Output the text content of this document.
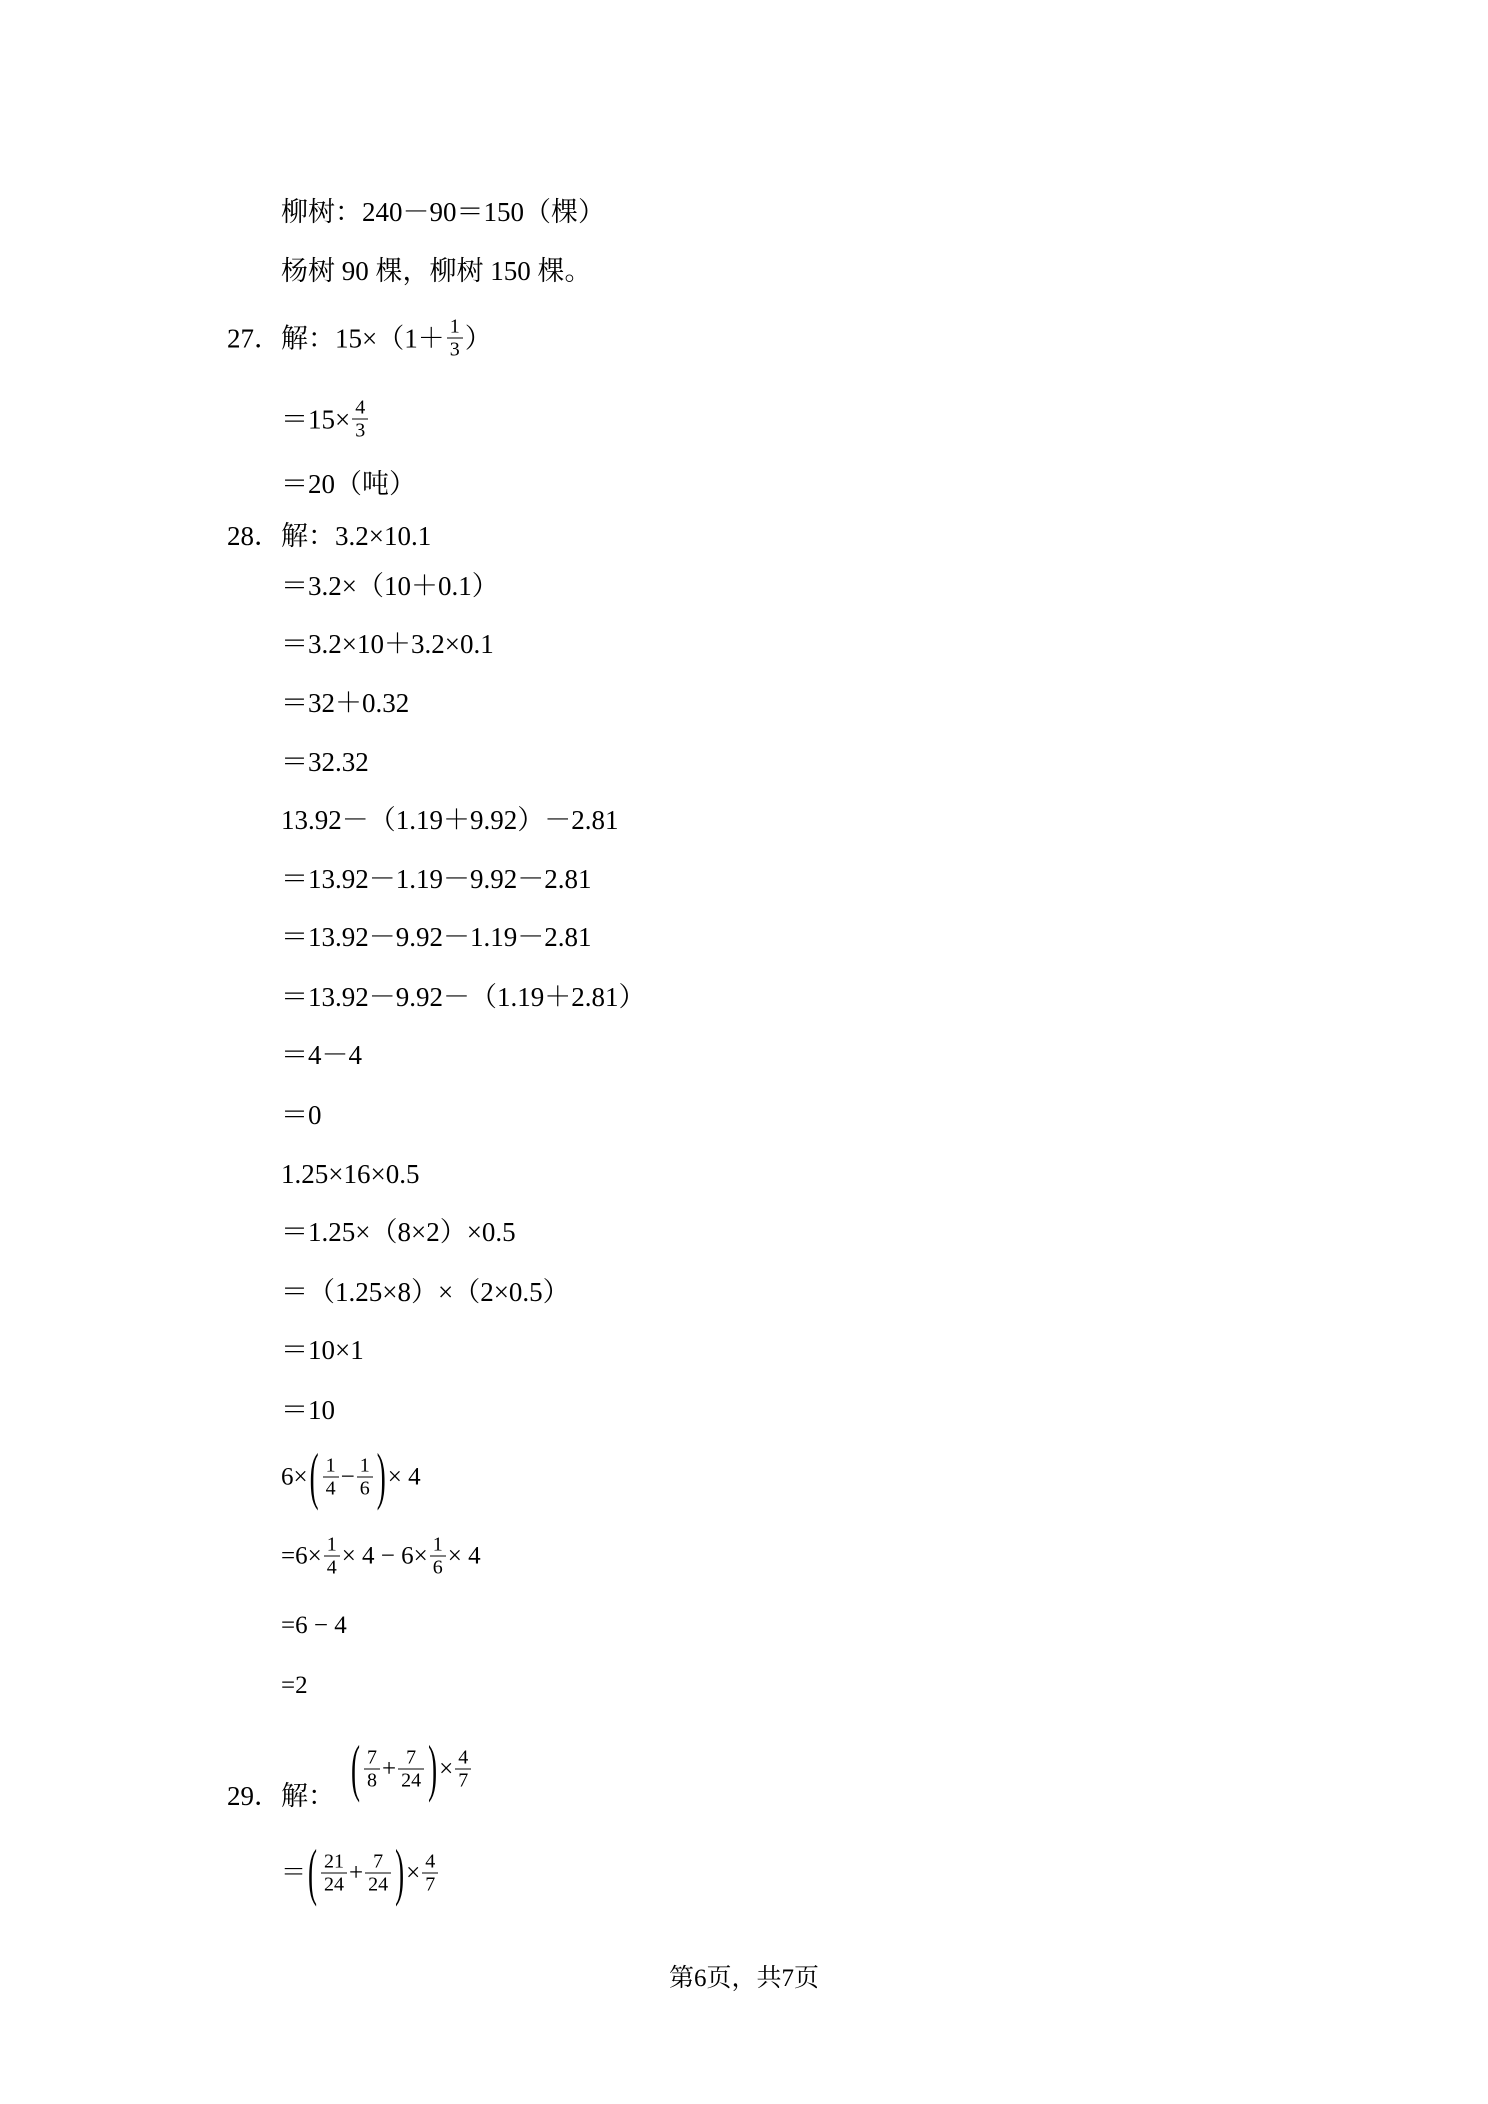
柳树：240－90＝150（棵）
杨树 90 棵，柳树 150 棵。
27． 解： $15\times(1+ \frac{1}{3}$ ）
$=15\times \frac{4}{3}$
＝20（吨）
28． 解： 3.2×10.1
＝3.2×（10＋0.1）
＝3.2×10＋3.2×0.1
＝32＋0.32
＝32.32
13.92－（1.19＋9.92）－2.81
＝13.92－1.19－9.92－2.81
＝13.92－9.92－1.19－2.81
＝13.92－9.92－（1.19＋2.81）
＝4－4
＝0
1.25×16×0.5
＝1.25×（8×2）×0.5
＝（1.25×8）×（2×0.5）
＝10×1
＝10
6× ( $\frac{1}{4} - \frac{1}{6}$ ) × 4
$=6\times \frac{1}{4} \times 4 - 6\times \frac{1}{6} \times 4$
=6 − 4
=2
29． 解： ( $\frac{7}{8} + \frac{7}{24}$ ) × $\frac{4}{7}$
＝ ( $\frac{21}{24} + \frac{7}{24}$ ) × $\frac{4}{7}$
第6页，共7页
